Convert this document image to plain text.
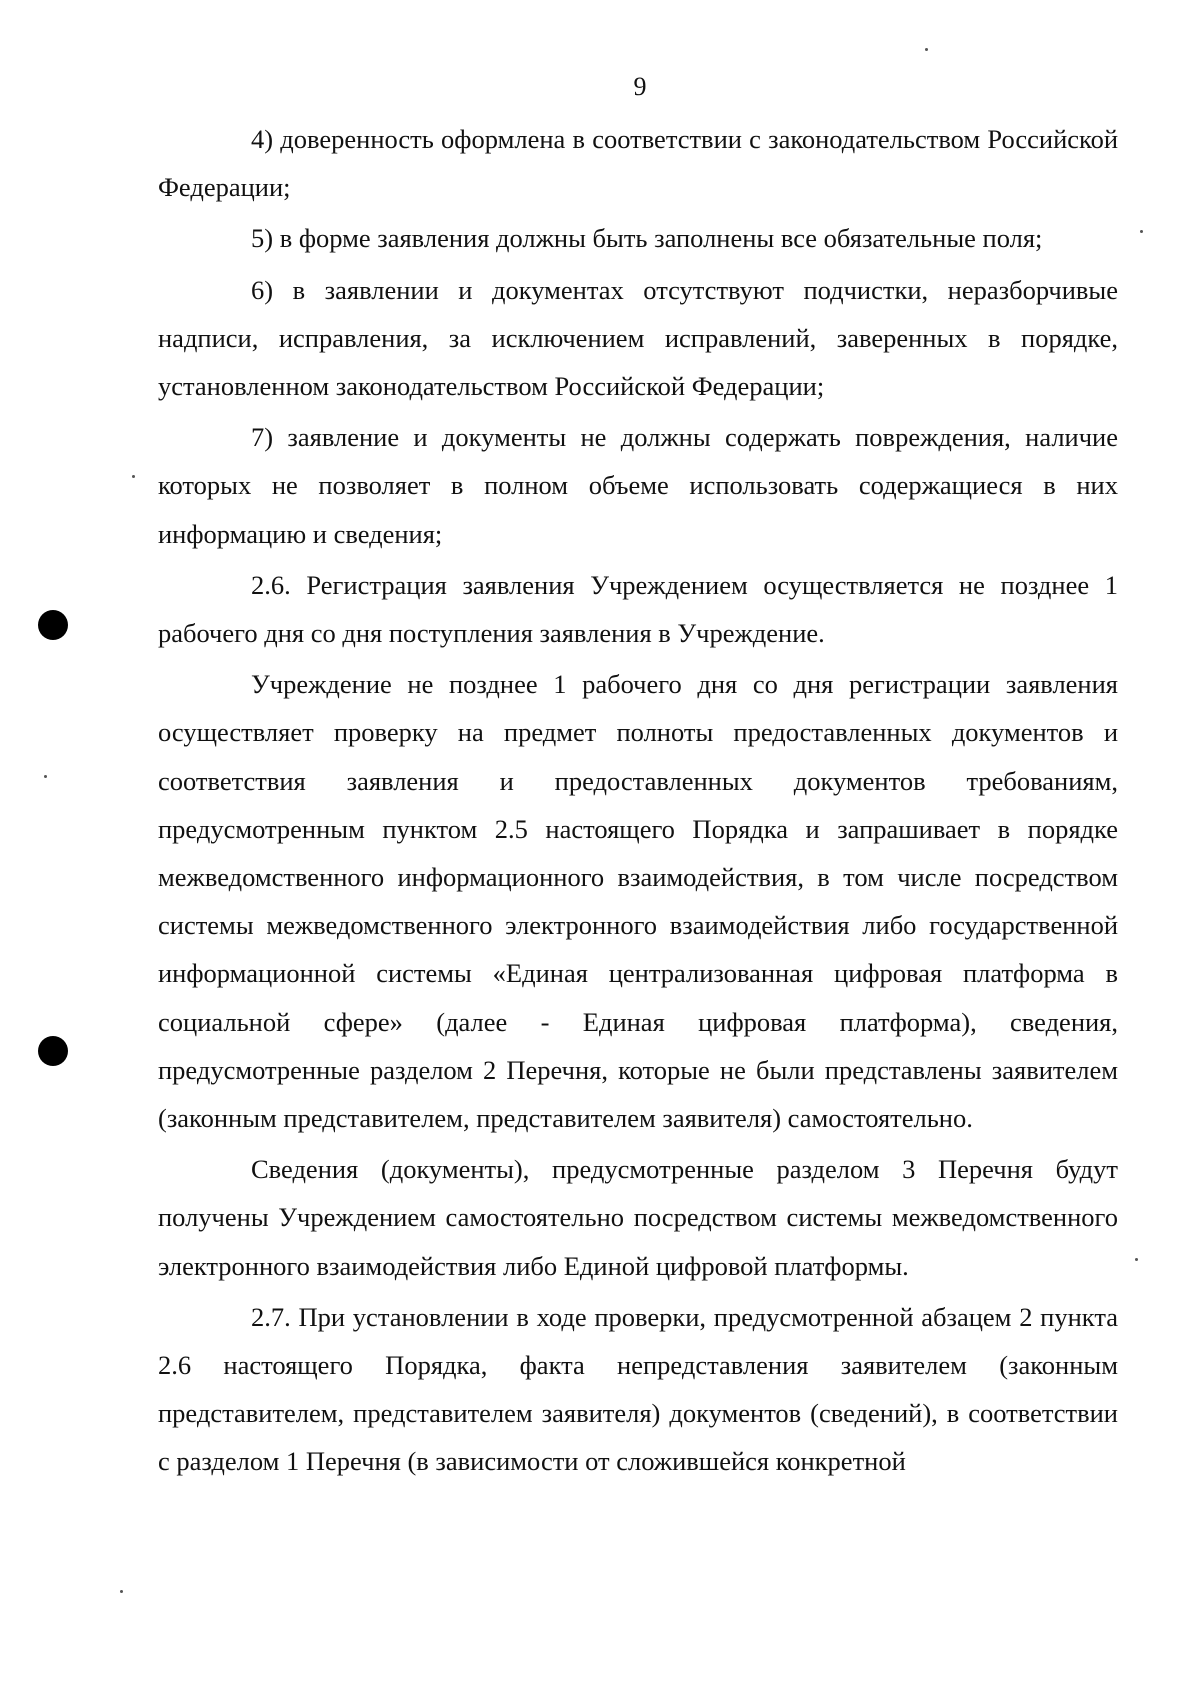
9

4) доверенность оформлена в соответствии с законодательством Российской Федерации;

5) в форме заявления должны быть заполнены все обязательные поля;

6) в заявлении и документах отсутствуют подчистки, неразборчивые надписи, исправления, за исключением исправлений, заверенных в порядке, установленном законодательством Российской Федерации;

7) заявление и документы не должны содержать повреждения, наличие которых не позволяет в полном объеме использовать содержащиеся в них информацию и сведения;

2.6. Регистрация заявления Учреждением осуществляется не позднее 1 рабочего дня со дня поступления заявления в Учреждение.

Учреждение не позднее 1 рабочего дня со дня регистрации заявления осуществляет проверку на предмет полноты предоставленных документов и соответствия заявления и предоставленных документов требованиям, предусмотренным пунктом 2.5 настоящего Порядка и запрашивает в порядке межведомственного информационного взаимодействия, в том числе посредством системы межведомственного электронного взаимодействия либо государственной информационной системы «Единая централизованная цифровая платформа в социальной сфере» (далее - Единая цифровая платформа), сведения, предусмотренные разделом 2 Перечня, которые не были представлены заявителем (законным представителем, представителем заявителя) самостоятельно.

Сведения (документы), предусмотренные разделом 3 Перечня будут получены Учреждением самостоятельно посредством системы межведомственного электронного взаимодействия либо Единой цифровой платформы.

2.7. При установлении в ходе проверки, предусмотренной абзацем 2 пункта 2.6 настоящего Порядка, факта непредставления заявителем (законным представителем, представителем заявителя) документов (сведений), в соответствии с разделом 1 Перечня (в зависимости от сложившейся конкретной
